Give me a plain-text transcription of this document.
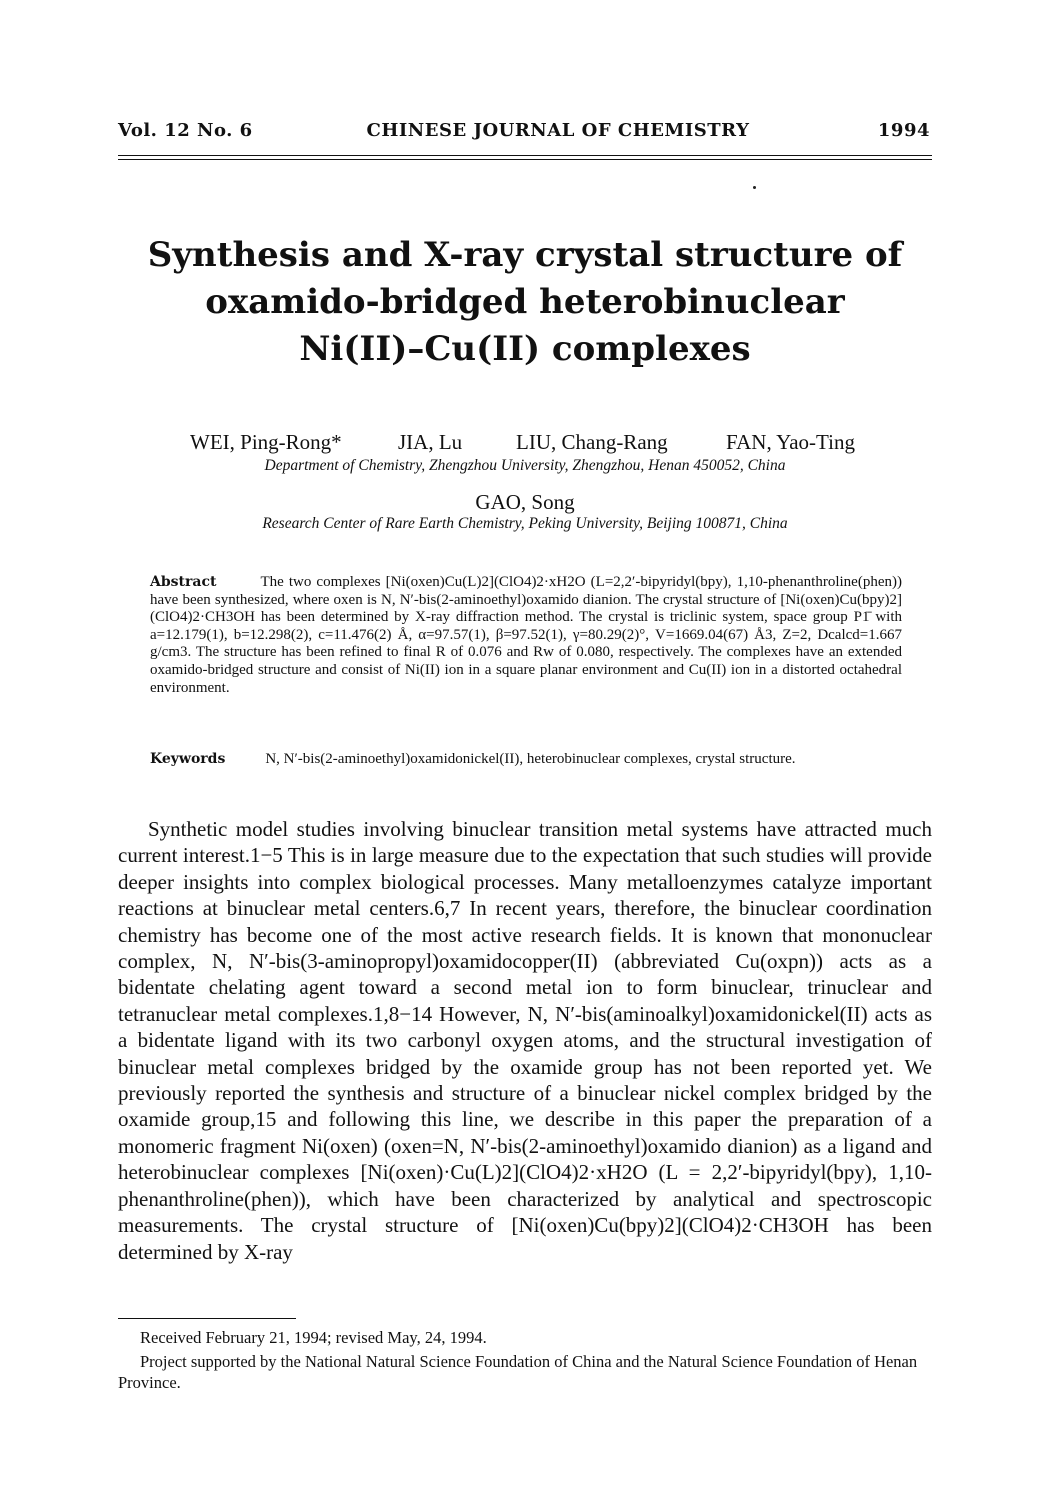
Vol. 12 No. 6	CHINESE JOURNAL OF CHEMISTRY	1994
Synthesis and X-ray crystal structure of
oxamido-bridged heterobinuclear
Ni(II)–Cu(II) complexes
WEI, Ping-Rong*	JIA, Lu	LIU, Chang-Rang	FAN, Yao-Ting
Department of Chemistry, Zhengzhou University, Zhengzhou, Henan 450052, China
GAO, Song
Research Center of Rare Earth Chemistry, Peking University, Beijing 100871, China
Abstract	The two complexes [Ni(oxen)Cu(L)2](ClO4)2·xH2O (L=2,2′-bipyridyl(bpy), 1,10-phenanthroline(phen)) have been synthesized, where oxen is N, N′-bis(2-aminoethyl)oxamido dianion. The crystal structure of [Ni(oxen)Cu(bpy)2](ClO4)2·CH3OH has been determined by X-ray diffraction method. The crystal is triclinic system, space group P1̄ with a=12.179(1), b=12.298(2), c=11.476(2) Å, α=97.57(1), β=97.52(1), γ=80.29(2)°, V=1669.04(67) Å3, Z=2, Dcalcd=1.667 g/cm3. The structure has been refined to final R of 0.076 and Rw of 0.080, respectively. The complexes have an extended oxamido-bridged structure and consist of Ni(II) ion in a square planar environment and Cu(II) ion in a distorted octahedral environment.
Keywords	N, N′-bis(2-aminoethyl)oxamidonickel(II), heterobinuclear complexes, crystal structure.
Synthetic model studies involving binuclear transition metal systems have attracted much current interest.1−5 This is in large measure due to the expectation that such studies will provide deeper insights into complex biological processes. Many metalloenzymes catalyze important reactions at binuclear metal centers.6,7 In recent years, therefore, the binuclear coordination chemistry has become one of the most active research fields. It is known that mononuclear complex, N, N′-bis(3-aminopropyl)oxamidocopper(II) (abbreviated Cu(oxpn)) acts as a bidentate chelating agent toward a second metal ion to form binuclear, trinuclear and tetranuclear metal complexes.1,8−14 However, N, N′-bis(aminoalkyl)oxamidonickel(II) acts as a bidentate ligand with its two carbonyl oxygen atoms, and the structural investigation of binuclear metal complexes bridged by the oxamide group has not been reported yet. We previously reported the synthesis and structure of a binuclear nickel complex bridged by the oxamide group,15 and following this line, we describe in this paper the preparation of a monomeric fragment Ni(oxen) (oxen=N, N′-bis(2-aminoethyl)oxamido dianion) as a ligand and heterobinuclear complexes [Ni(oxen)·Cu(L)2](ClO4)2·xH2O (L = 2,2′-bipyridyl(bpy), 1,10-phenanthroline(phen)), which have been characterized by analytical and spectroscopic measurements. The crystal structure of [Ni(oxen)Cu(bpy)2](ClO4)2·CH3OH has been determined by X-ray
Received February 21, 1994; revised May, 24, 1994.
Project supported by the National Natural Science Foundation of China and the Natural Science Foundation of Henan Province.
